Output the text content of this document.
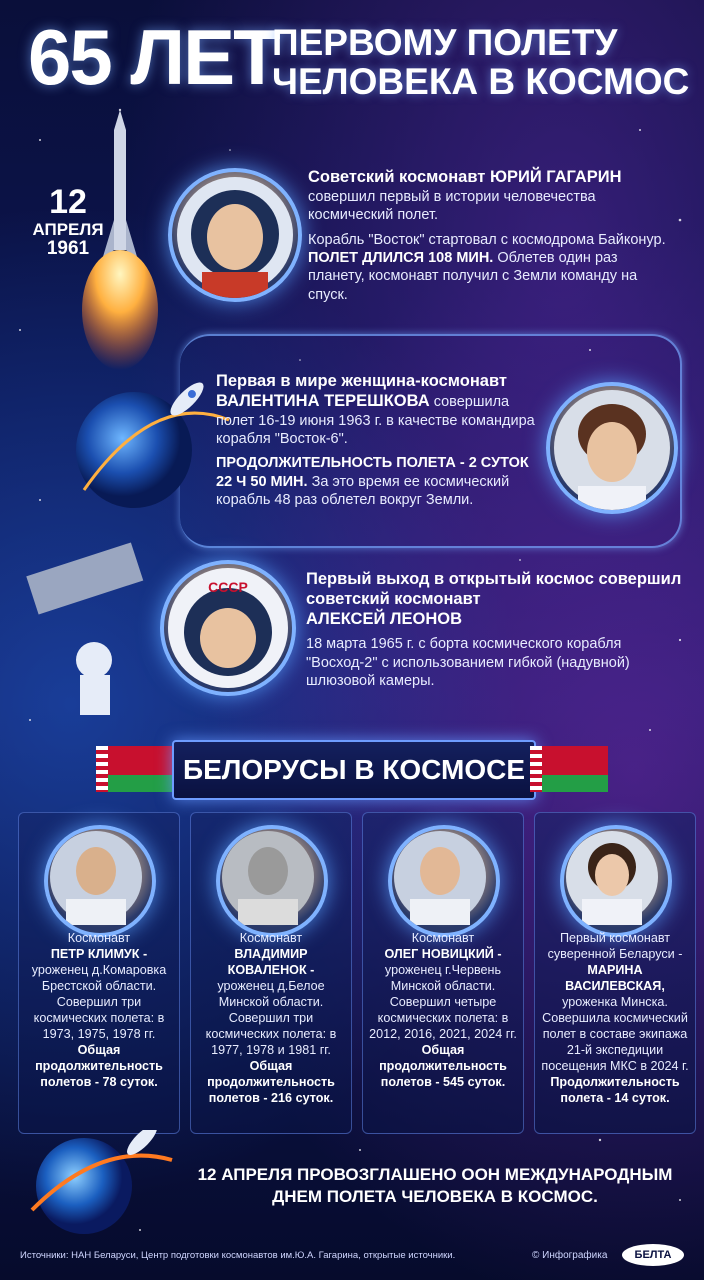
65 ЛЕТ
ПЕРВОМУ ПОЛЕТУ
ЧЕЛОВЕКА В КОСМОС
12
АПРЕЛЯ
1961
Советский космонавт ЮРИЙ ГАГАРИН
совершил первый в истории человечества космический полет.
Корабль "Восток" стартовал с космодрома Байконур. ПОЛЕТ ДЛИЛСЯ 108 МИН. Облетев один раз планету, космонавт получил с Земли команду на спуск.
Первая в мире женщина-космонавт
ВАЛЕНТИНА ТЕРЕШКОВА совершила полет 16-19 июня 1963 г. в качестве командира корабля "Восток-6".
ПРОДОЛЖИТЕЛЬНОСТЬ ПОЛЕТА - 2 СУТОК 22 Ч 50 МИН. За это время ее космический корабль 48 раз облетел вокруг Земли.
СССР	Первый выход в открытый космос совершил советский космонавт
АЛЕКСЕЙ ЛЕОНОВ
18 марта 1965 г. с борта космического корабля "Восход-2" с использованием гибкой (надувной) шлюзовой камеры.
БЕЛОРУСЫ В КОСМОСЕ
Космонавт
ПЕТР КЛИМУК -
уроженец д.Комаровка Брестской области. Совершил три космических полета: в 1973, 1975, 1978 гг.
Общая продолжительность полетов - 78 суток.
Космонавт
ВЛАДИМИР КОВАЛЕНОК -
уроженец д.Белое Минской области. Совершил три космических полета: в 1977, 1978 и 1981 гг.
Общая продолжительность полетов - 216 суток.
Космонавт
ОЛЕГ НОВИЦКИЙ -
уроженец г.Червень Минской области. Совершил четыре космических полета: в 2012, 2016, 2021, 2024 гг.
Общая продолжительность полетов - 545 суток.
Первый космонавт суверенной Беларуси -
МАРИНА ВАСИЛЕВСКАЯ,
уроженка Минска. Совершила космический полет в составе экипажа 21-й экспедиции посещения МКС в 2024 г.
Продолжительность полета - 14 суток.
12 АПРЕЛЯ ПРОВОЗГЛАШЕНО ООН МЕЖДУНАРОДНЫМ
ДНЕМ ПОЛЕТА ЧЕЛОВЕКА В КОСМОС.
Источники: НАН Беларуси, Центр подготовки космонавтов им.Ю.А. Гагарина, открытые источники.	© Инфографика	БЕЛТА
